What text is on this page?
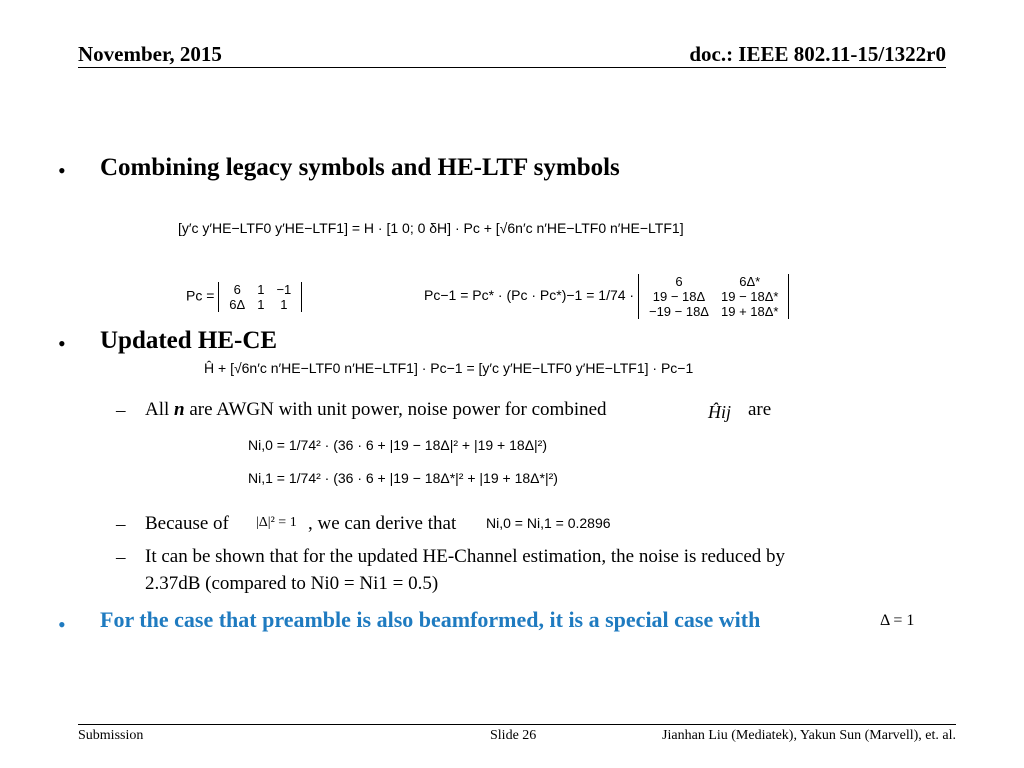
November, 2015	doc.: IEEE 802.11-15/1322r0
• Combining legacy symbols and HE-LTF symbols
[y′c y′HE−LTF0 y′HE−LTF1] = H · [1 0; 0 δH] · Pc + [√6n′c n′HE−LTF0 n′HE−LTF1]
Pc = 6	1	−1
6Δ	1	1
Pc−1 = Pc* · (Pc · Pc*)−1 = 1/74 ·
6	6Δ*
19 − 18Δ	19 − 18Δ*
−19 − 18Δ	19 + 18Δ*
• Updated HE-CE
Ĥ + [√6n′c n′HE−LTF0 n′HE−LTF1] · Pc−1 = [y′c y′HE−LTF0 y′HE−LTF1] · Pc−1
– All n are AWGN with unit power, noise power for combined	Ĥij are
Ni,0 = 1/74² · (36 · 6 + |19 − 18Δ|² + |19 + 18Δ|²)
Ni,1 = 1/74² · (36 · 6 + |19 − 18Δ*|² + |19 + 18Δ*|²)
– Because of |Δ|² = 1 , we can derive that Ni,0 = Ni,1 = 0.2896
– It can be shown that for the updated HE-Channel estimation, the noise is reduced by
2.37dB (compared to Ni0 = Ni1 = 0.5)
• For the case that preamble is also beamformed, it is a special case with	Δ = 1
Submission	Slide 26	Jianhan Liu (Mediatek), Yakun Sun (Marvell), et. al.
